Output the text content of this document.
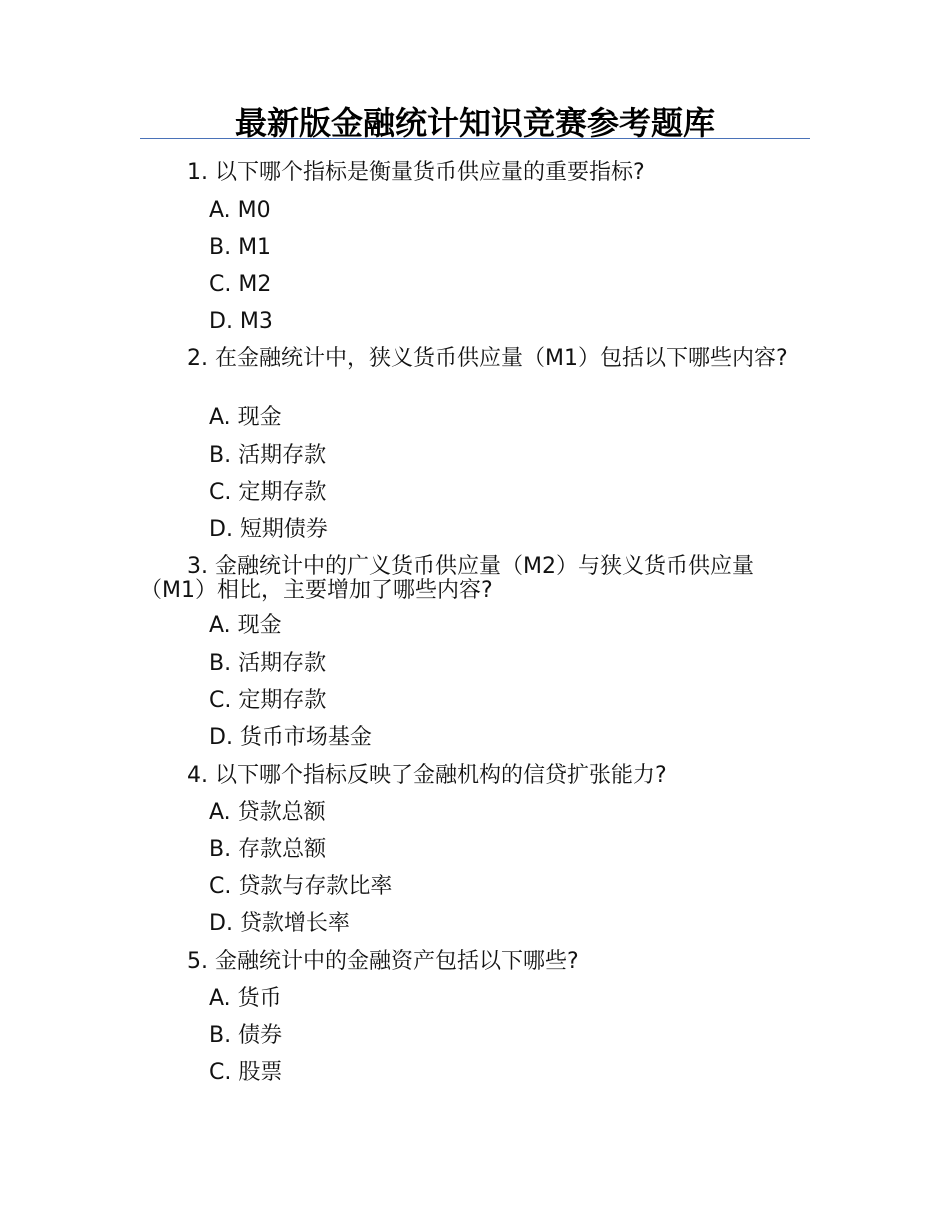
最新版金融统计知识竞赛参考题库
1. 以下哪个指标是衡量货币供应量的重要指标?
A. M0
B. M1
C. M2
D. M3
2. 在金融统计中，狭义货币供应量（M1）包括以下哪些内容?
A. 现金
B. 活期存款
C. 定期存款
D. 短期债券
3. 金融统计中的广义货币供应量（M2）与狭义货币供应量（M1）相比，主要增加了哪些内容?
A. 现金
B. 活期存款
C. 定期存款
D. 货币市场基金
4. 以下哪个指标反映了金融机构的信贷扩张能力?
A. 贷款总额
B. 存款总额
C. 贷款与存款比率
D. 贷款增长率
5. 金融统计中的金融资产包括以下哪些?
A. 货币
B. 债券
C. 股票
